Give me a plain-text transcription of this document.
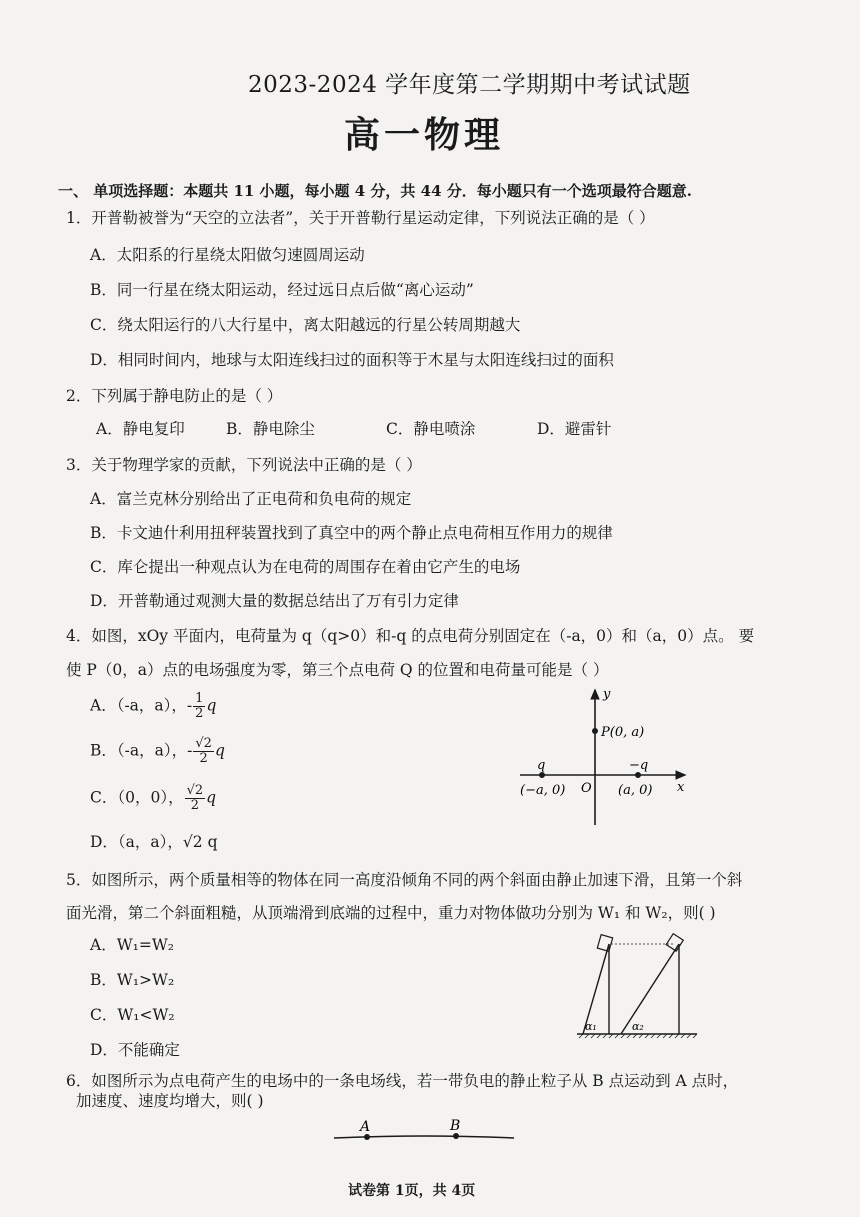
2023-2024 学年度第二学期期中考试试题
高一物理
一、 单项选择题：本题共 11 小题，每小题 4 分，共 44 分．每小题只有一个选项最符合题意.
1．开普勒被誉为“天空的立法者”，关于开普勒行星运动定律，下列说法正确的是（ ）
A．太阳系的行星绕太阳做匀速圆周运动
B．同一行星在绕太阳运动，经过远日点后做“离心运动”
C．绕太阳运行的八大行星中，离太阳越远的行星公转周期越大
D．相同时间内，地球与太阳连线扫过的面积等于木星与太阳连线扫过的面积
2．下列属于静电防止的是（ ）
A．静电复印	B．静电除尘	C．静电喷涂	D．避雷针
3．关于物理学家的贡献，下列说法中正确的是（ ）
A．富兰克林分别给出了正电荷和负电荷的规定
B．卡文迪什利用扭秤装置找到了真空中的两个静止点电荷相互作用力的规律
C．库仑提出一种观点认为在电荷的周围存在着由它产生的电场
D．开普勒通过观测大量的数据总结出了万有引力定律
4．如图，xOy 平面内，电荷量为 q（q>0）和-q 的点电荷分别固定在（-a，0）和（a，0）点。 要
使 P（0，a）点的电场强度为零，第三个点电荷 Q 的位置和电荷量可能是（ ）
A．（-a，a），- $\frac{1}{2}$ q
B．（-a，a），- $\frac{√2}{2}$ q
C．（0，0）， $\frac{√2}{2}$ q
D．（a，a），√2 q
y
x
O
P(0, a)
q	−q
(−a, 0)	(a, 0)
5．如图所示，两个质量相等的物体在同一高度沿倾角不同的两个斜面由静止加速下滑，且第一个斜
面光滑，第二个斜面粗糙，从顶端滑到底端的过程中，重力对物体做功分别为 W₁ 和 W₂，则( )
A．W₁=W₂
B．W₁>W₂
C．W₁<W₂
D．不能确定
α₁	α₂
6．如图所示为点电荷产生的电场中的一条电场线，若一带负电的静止粒子从 B 点运动到 A 点时，
加速度、速度均增大，则( )
A	B
试卷第 1页，共 4页
